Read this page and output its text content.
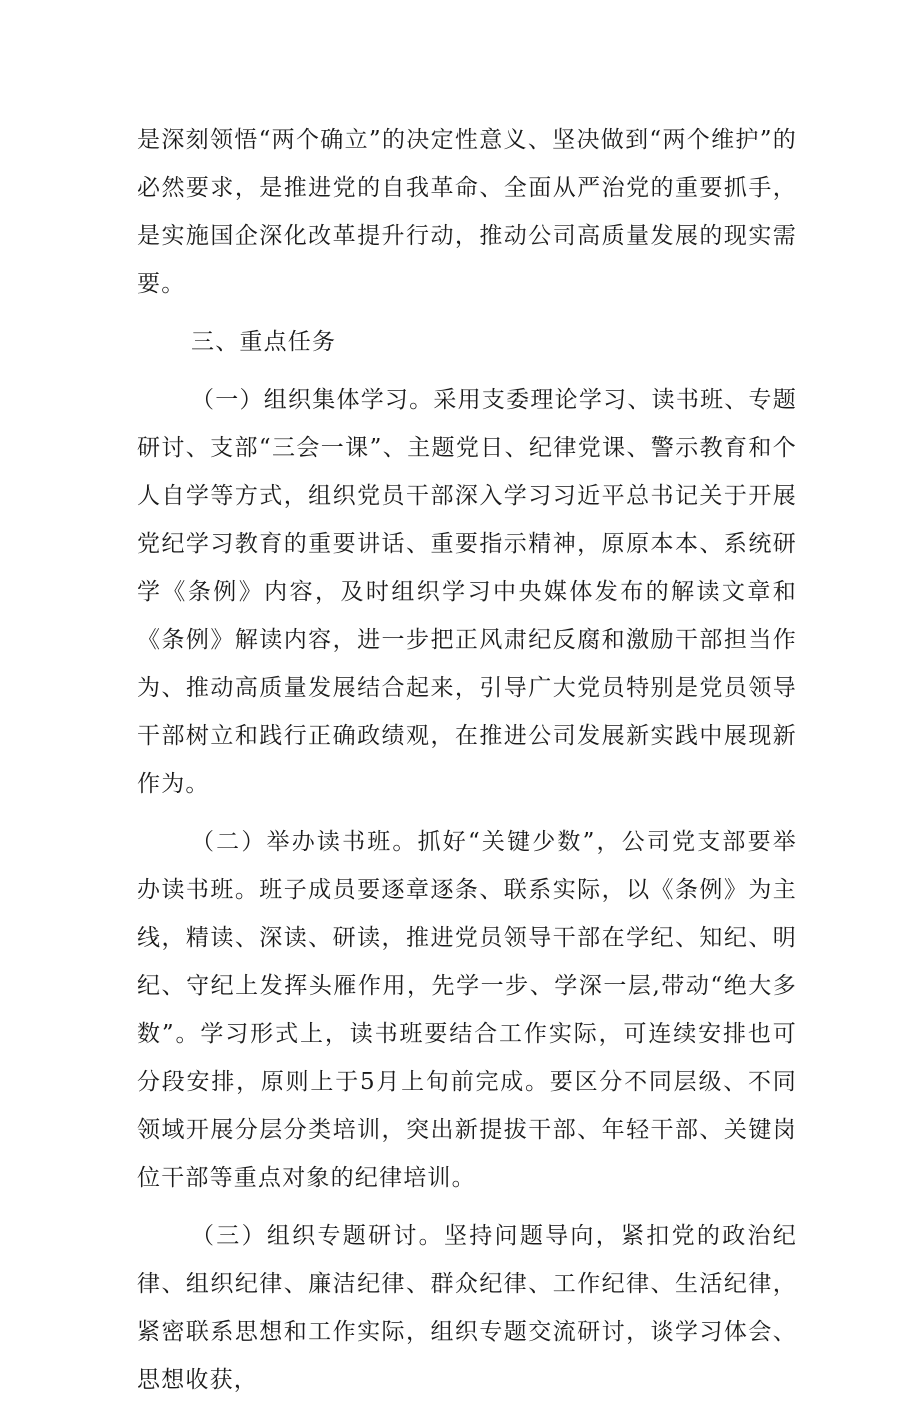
是深刻领悟“两个确立”的决定性意义、坚决做到“两个维护”的必然要求，是推进党的自我革命、全面从严治党的重要抓手，是实施国企深化改革提升行动，推动公司高质量发展的现实需要。

三、重点任务

（一）组织集体学习。采用支委理论学习、读书班、专题研讨、支部“三会一课”、主题党日、纪律党课、警示教育和个人自学等方式，组织党员干部深入学习习近平总书记关于开展党纪学习教育的重要讲话、重要指示精神，原原本本、系统研学《条例》内容，及时组织学习中央媒体发布的解读文章和《条例》解读内容，进一步把正风肃纪反腐和激励干部担当作为、推动高质量发展结合起来，引导广大党员特别是党员领导干部树立和践行正确政绩观，在推进公司发展新实践中展现新作为。

（二）举办读书班。抓好“关键少数”，公司党支部要举办读书班。班子成员要逐章逐条、联系实际，以《条例》为主线，精读、深读、研读，推进党员领导干部在学纪、知纪、明纪、守纪上发挥头雁作用，先学一步、学深一层,带动“绝大多数”。学习形式上，读书班要结合工作实际，可连续安排也可分段安排，原则上于5月上旬前完成。要区分不同层级、不同领域开展分层分类培训，突出新提拔干部、年轻干部、关键岗位干部等重点对象的纪律培训。

（三）组织专题研讨。坚持问题导向，紧扣党的政治纪律、组织纪律、廉洁纪律、群众纪律、工作纪律、生活纪律，紧密联系思想和工作实际，组织专题交流研讨，谈学习体会、思想收获，
